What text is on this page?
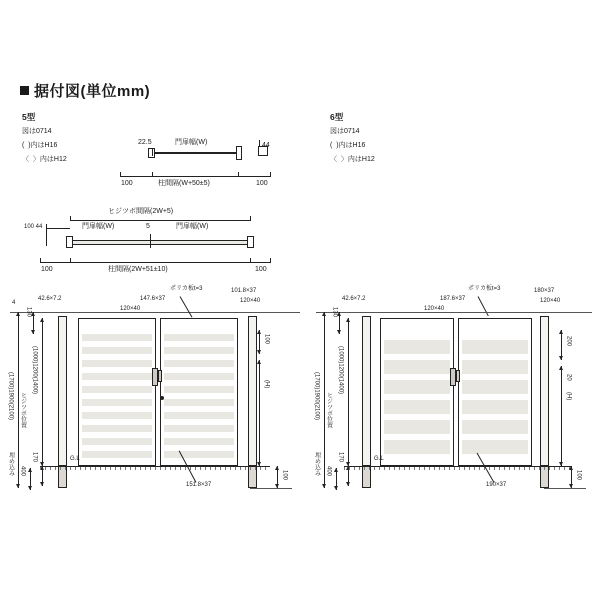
据付図(単位mm)
5型
図は0714
(  )内はH16
〈  〉内はH12
6型
図は0714
(  )内はH16
〈  〉内はH12
22.5	門扉幅(W)	44
100	柱間隔(W+50±5)	100
ヒジツボ間隔(2W+5)
門扉幅(W)	5	門扉幅(W)
100 44
100	柱間隔(2W+51±10)	100
4
42.6×7.2	147.6×37
120×40
101.8×37
120×40
130
ポリカ板t=3
100
(H)
(1700)1900(2100)
(1000)1200(1400)
ヒジツボ位置
170	G.L
埋め込み 400
151.8×37
100
42.6×7.2	187.6×37
120×40
180×37
120×40
ポリカ板t=3
130
200
20
(H)
(1700)1900(2100)
(1000)1200(1400)
ヒジツボ位置
170	G.L
埋め込み 400
190×37
100
